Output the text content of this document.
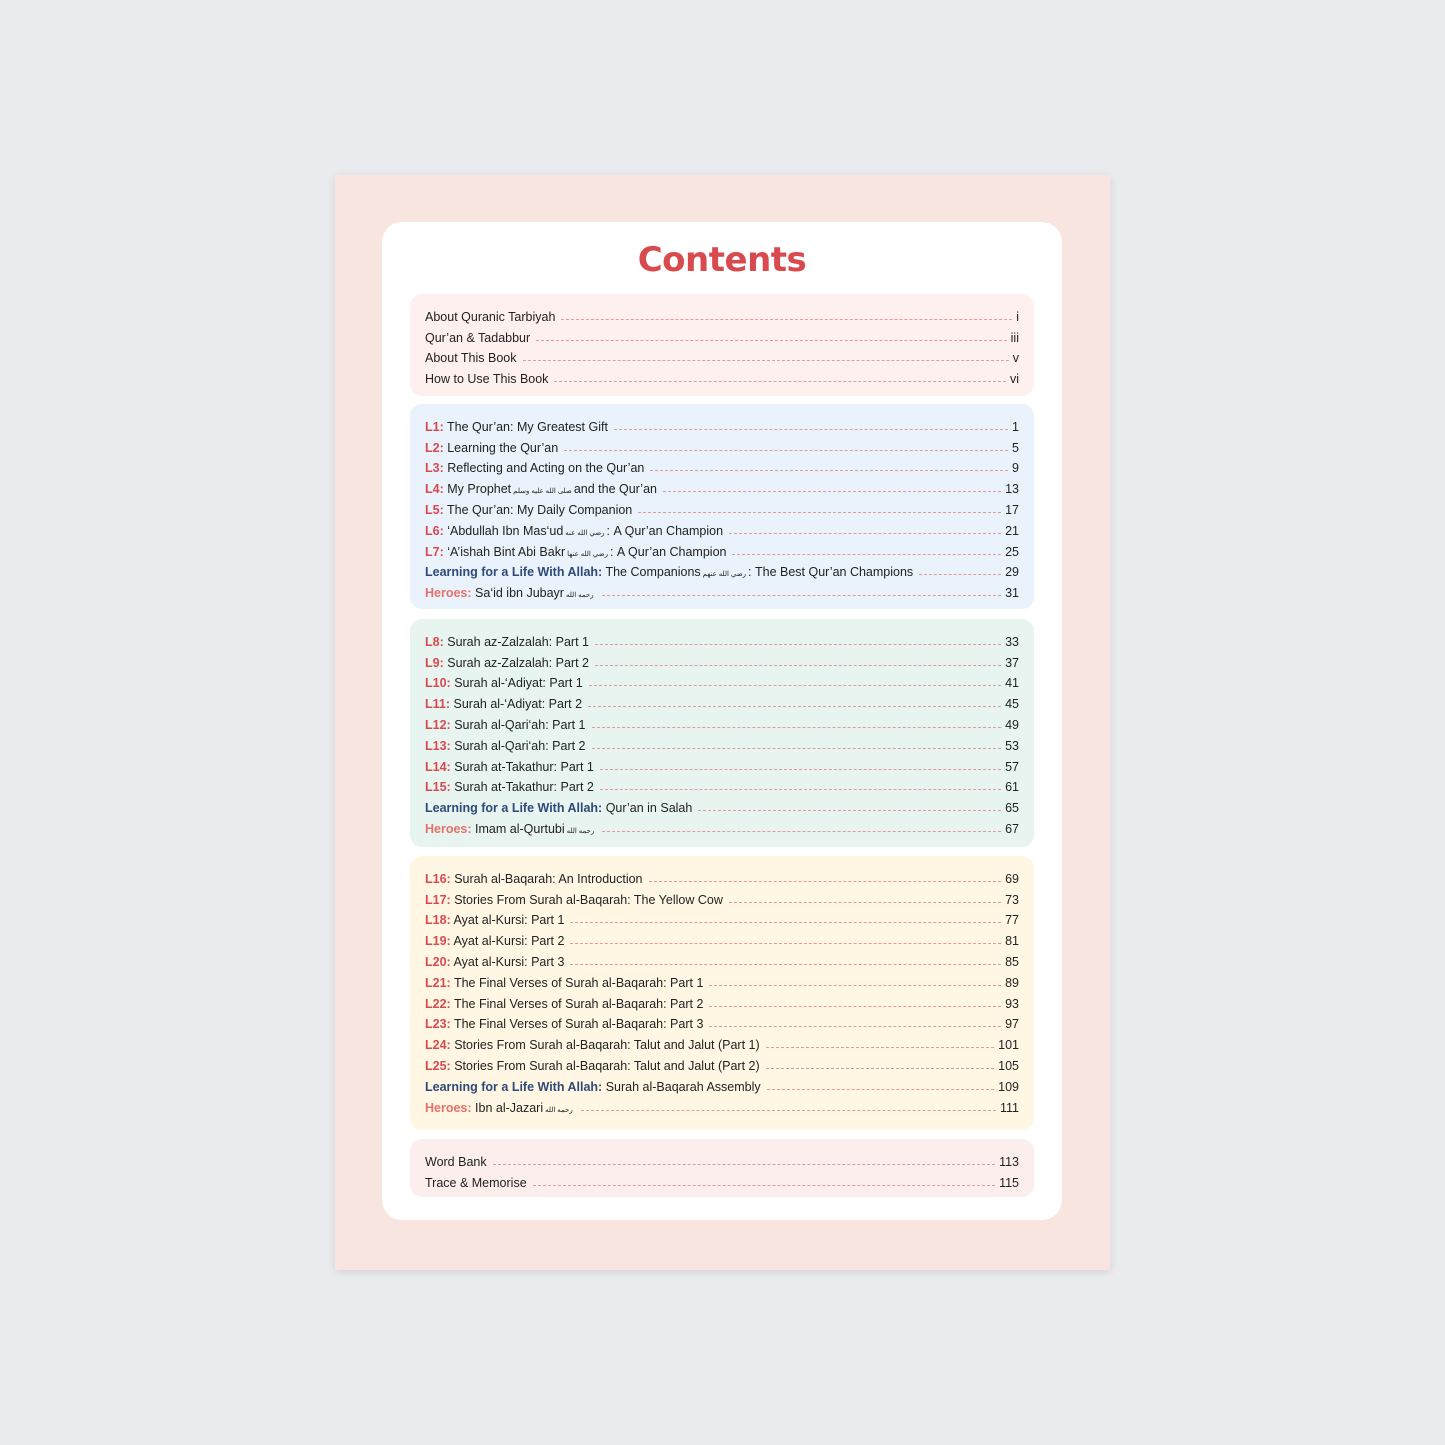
Contents
About Quranic Tarbiyah	i
Qur’an & Tadabbur	iii
About This Book	v
How to Use This Book	vi
L1: The Qur’an: My Greatest Gift	1
L2: Learning the Qur’an	5
L3: Reflecting and Acting on the Qur’an	9
L4: My Prophet صلى الله عليه وسلم and the Qur’an	13
L5: The Qur’an: My Daily Companion	17
L6: ‘Abdullah Ibn Mas‘ud رضي الله عنه : A Qur’an Champion	21
L7: ‘A’ishah Bint Abi Bakr رضي الله عنها : A Qur’an Champion	25
Learning for a Life With Allah: The Companions رضي الله عنهم : The Best Qur’an Champions	29
Heroes: Sa‘id ibn Jubayr رحمه الله	31
L8: Surah az-Zalzalah: Part 1	33
L9: Surah az-Zalzalah: Part 2	37
L10: Surah al-‘Adiyat: Part 1	41
L11: Surah al-‘Adiyat: Part 2	45
L12: Surah al-Qari‘ah: Part 1	49
L13: Surah al-Qari‘ah: Part 2	53
L14: Surah at-Takathur: Part 1	57
L15: Surah at-Takathur: Part 2	61
Learning for a Life With Allah: Qur’an in Salah	65
Heroes: Imam al-Qurtubi رحمه الله	67
L16: Surah al-Baqarah: An Introduction	69
L17: Stories From Surah al-Baqarah: The Yellow Cow	73
L18: Ayat al-Kursi: Part 1	77
L19: Ayat al-Kursi: Part 2	81
L20: Ayat al-Kursi: Part 3	85
L21: The Final Verses of Surah al-Baqarah: Part 1	89
L22: The Final Verses of Surah al-Baqarah: Part 2	93
L23: The Final Verses of Surah al-Baqarah: Part 3	97
L24: Stories From Surah al-Baqarah: Talut and Jalut (Part 1)	101
L25: Stories From Surah al-Baqarah: Talut and Jalut (Part 2)	105
Learning for a Life With Allah: Surah al-Baqarah Assembly	109
Heroes: Ibn al-Jazari رحمه الله	111
Word Bank	113
Trace & Memorise	115
